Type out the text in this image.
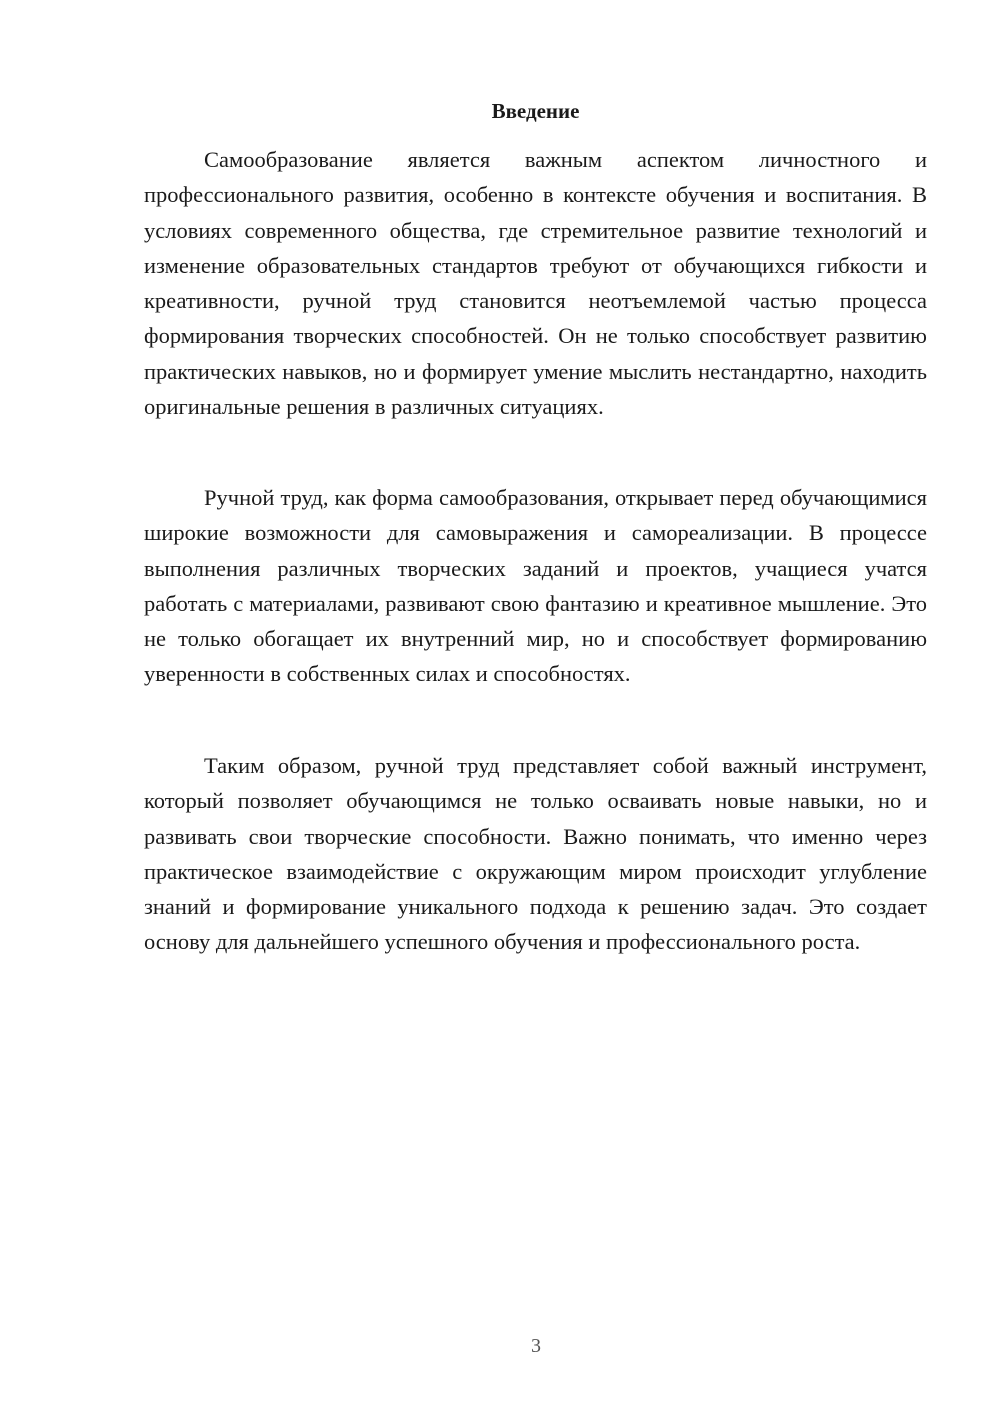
Введение

Самообразование является важным аспектом личностного и профессионального развития, особенно в контексте обучения и воспитания. В условиях современного общества, где стремительное развитие технологий и изменение образовательных стандартов требуют от обучающихся гибкости и креативности, ручной труд становится неотъемлемой частью процесса формирования творческих способностей. Он не только способствует развитию практических навыков, но и формирует умение мыслить нестандартно, находить оригинальные решения в различных ситуациях.

Ручной труд, как форма самообразования, открывает перед обучающимися широкие возможности для самовыражения и самореализации. В процессе выполнения различных творческих заданий и проектов, учащиеся учатся работать с материалами, развивают свою фантазию и креативное мышление. Это не только обогащает их внутренний мир, но и способствует формированию уверенности в собственных силах и способностях.

Таким образом, ручной труд представляет собой важный инструмент, который позволяет обучающимся не только осваивать новые навыки, но и развивать свои творческие способности. Важно понимать, что именно через практическое взаимодействие с окружающим миром происходит углубление знаний и формирование уникального подхода к решению задач. Это создает основу для дальнейшего успешного обучения и профессионального роста.

3
